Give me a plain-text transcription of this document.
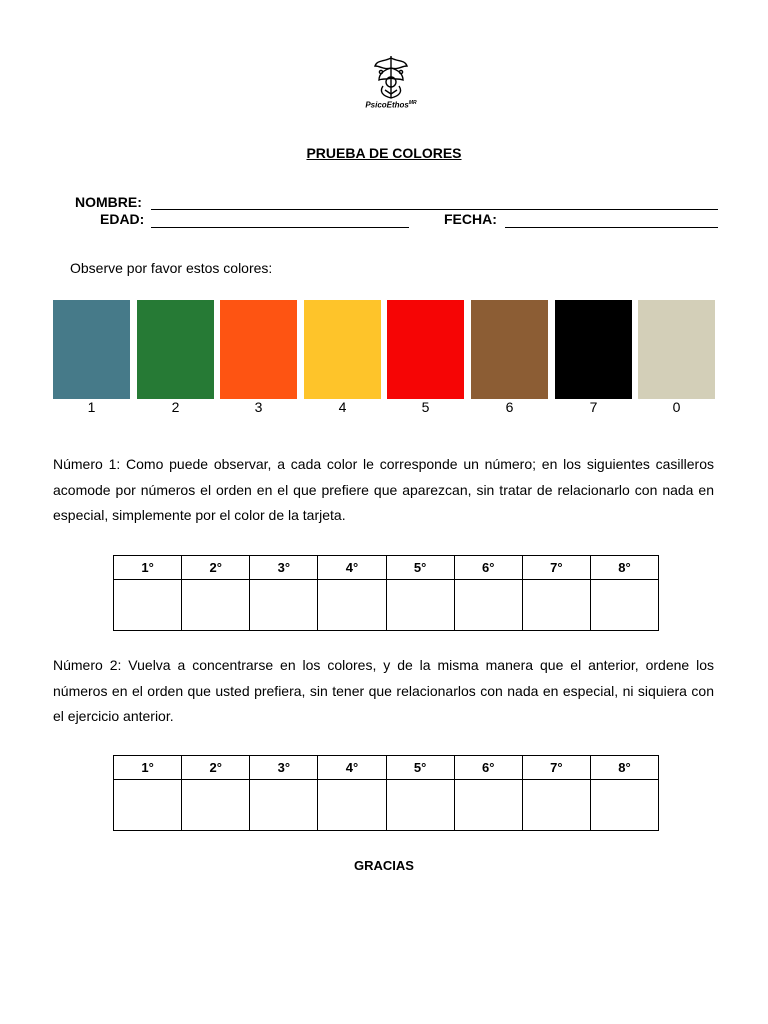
PsicoEthos$^{MR}$
PRUEBA DE COLORES
NOMBRE:
EDAD:	FECHA:
Observe por favor estos colores:
1	2	3	4	5	6	7	0
Número 1: Como puede observar, a cada color le corresponde un número; en los siguientes casilleros acomode por números el orden en el que prefiere que aparezcan, sin tratar de relacionarlo con nada en especial, simplemente por el color de la tarjeta.
1°	2°	3°	4°	5°	6°	7°	8°

Número 2: Vuelva a concentrarse en los colores, y de la misma manera que el anterior, ordene los números en el orden que usted prefiera, sin tener que relacionarlos con nada en especial, ni siquiera con el ejercicio anterior.
1°	2°	3°	4°	5°	6°	7°	8°

GRACIAS
